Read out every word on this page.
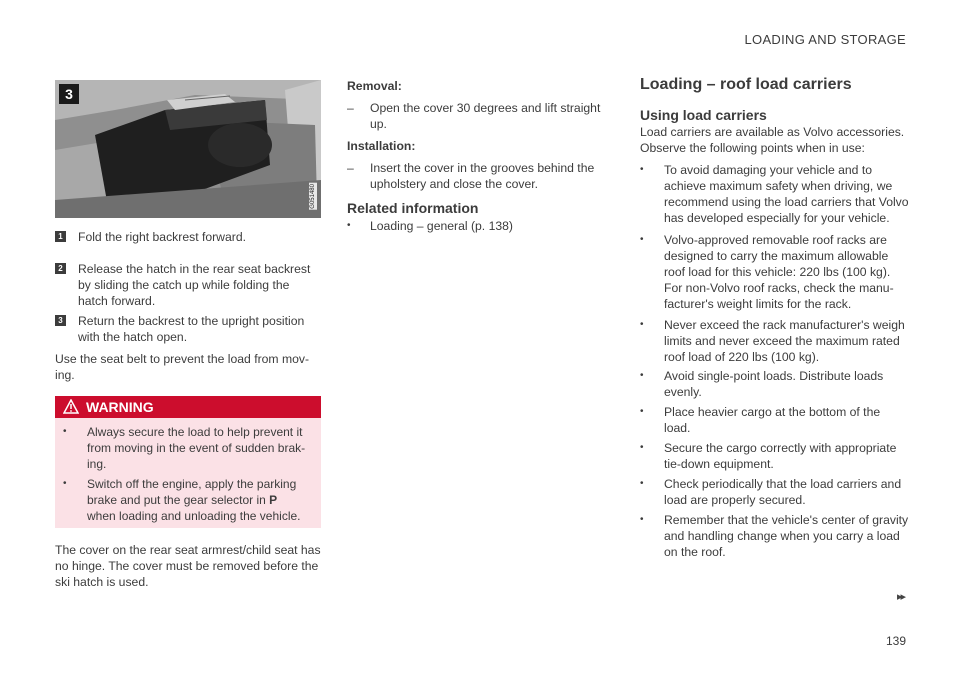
LOADING AND STORAGE
3
G051480
1 Fold the right backrest forward.
2 Release the hatch in the rear seat backrest
by sliding the catch up while folding the
hatch forward.
3 Return the backrest to the upright position
with the hatch open.
Use the seat belt to prevent the load from mov-
ing.
WARNING
• Always secure the load to help prevent it
from moving in the event of sudden brak-
ing.
• Switch off the engine, apply the parking
brake and put the gear selector in P
when loading and unloading the vehicle.
The cover on the rear seat armrest/child seat has
no hinge. The cover must be removed before the
ski hatch is used.
Removal:
– Open the cover 30 degrees and lift straight
up.
Installation:
– Insert the cover in the grooves behind the
upholstery and close the cover.
Related information
• Loading – general (p. 138)
Loading – roof load carriers
Using load carriers
Load carriers are available as Volvo accessories.
Observe the following points when in use:
• To avoid damaging your vehicle and to
achieve maximum safety when driving, we
recommend using the load carriers that Volvo
has developed especially for your vehicle.
• Volvo-approved removable roof racks are
designed to carry the maximum allowable
roof load for this vehicle: 220 lbs (100 kg).
For non-Volvo roof racks, check the manu-
facturer's weight limits for the rack.
• Never exceed the rack manufacturer's weigh
limits and never exceed the maximum rated
roof load of 220 lbs (100 kg).
• Avoid single-point loads. Distribute loads
evenly.
• Place heavier cargo at the bottom of the
load.
• Secure the cargo correctly with appropriate
tie-down equipment.
• Check periodically that the load carriers and
load are properly secured.
• Remember that the vehicle's center of gravity
and handling change when you carry a load
on the roof.
▸▸
139
